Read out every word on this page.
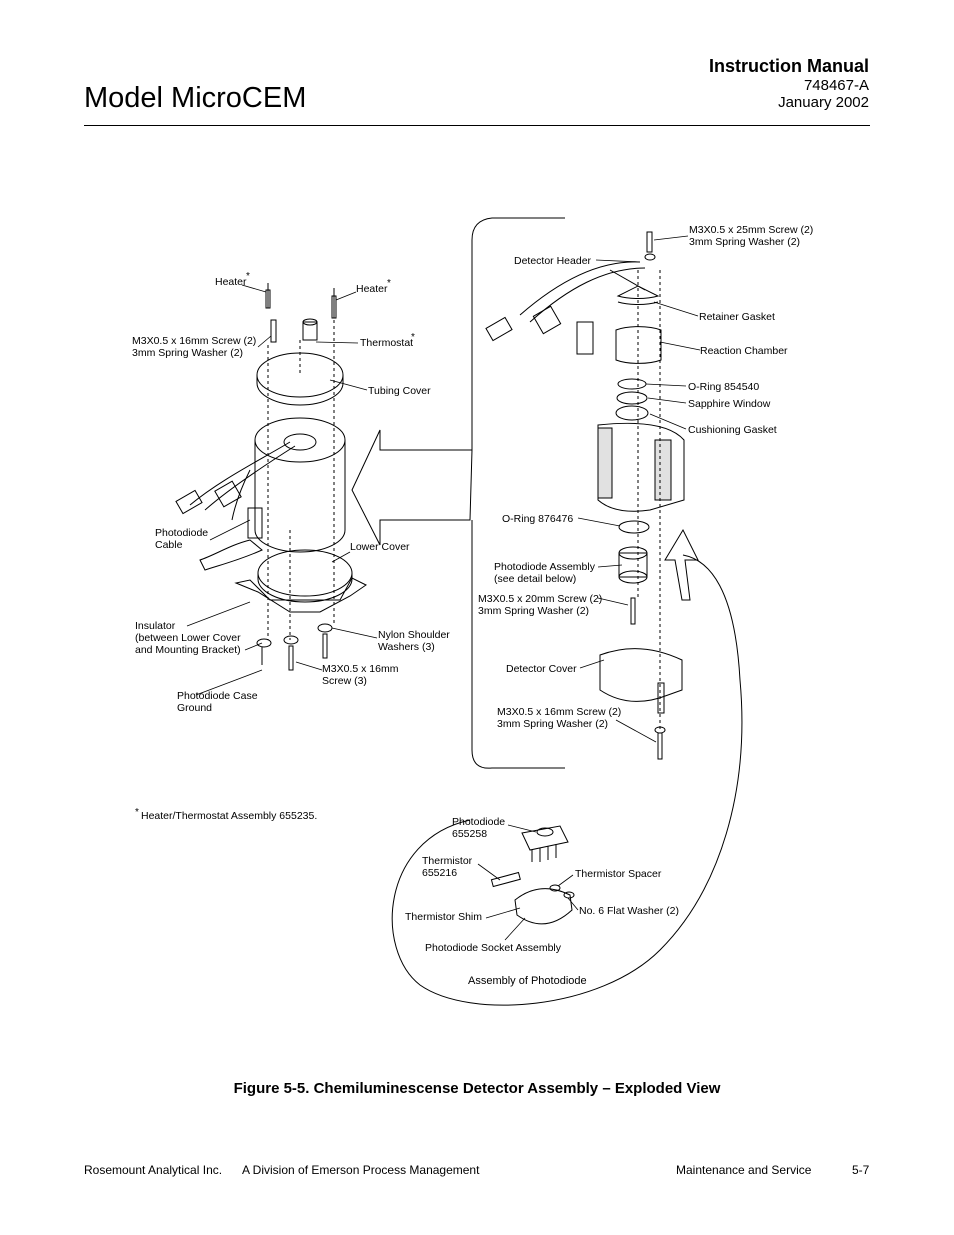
Model MicroCEM
Instruction Manual
748467-A
January 2002
Heater *
Heater *
Thermostat
*
M3X0.5 x 16mm Screw (2)
3mm Spring Washer (2)
Tubing Cover
Photodiode
Cable	Lower Cover
Insulator
(between Lower Cover
and Mounting Bracket)
Nylon Shoulder
Washers (3)
M3X0.5 x 16mm
Screw (3)
Photodiode Case
Ground
* Heater/Thermostat Assembly 655235.
Detector Header
M3X0.5 x 25mm Screw (2)
3mm Spring Washer (2)
Retainer Gasket
Reaction Chamber
O-Ring 854540
Sapphire Window
Cushioning Gasket
O-Ring 876476
Photodiode Assembly
(see detail below)
M3X0.5 x 20mm Screw (2)
3mm Spring Washer (2)
Detector Cover
M3X0.5 x 16mm Screw (2)
3mm Spring Washer (2)
Photodiode
655258
Thermistor
655216	Thermistor Spacer
Thermistor Shim	No. 6 Flat Washer (2)
Photodiode Socket Assembly
Assembly of Photodiode
Figure 5-5. Chemiluminescense Detector Assembly – Exploded View
Rosemount Analytical Inc. A Division of Emerson Process Management	Maintenance and Service	5-7
